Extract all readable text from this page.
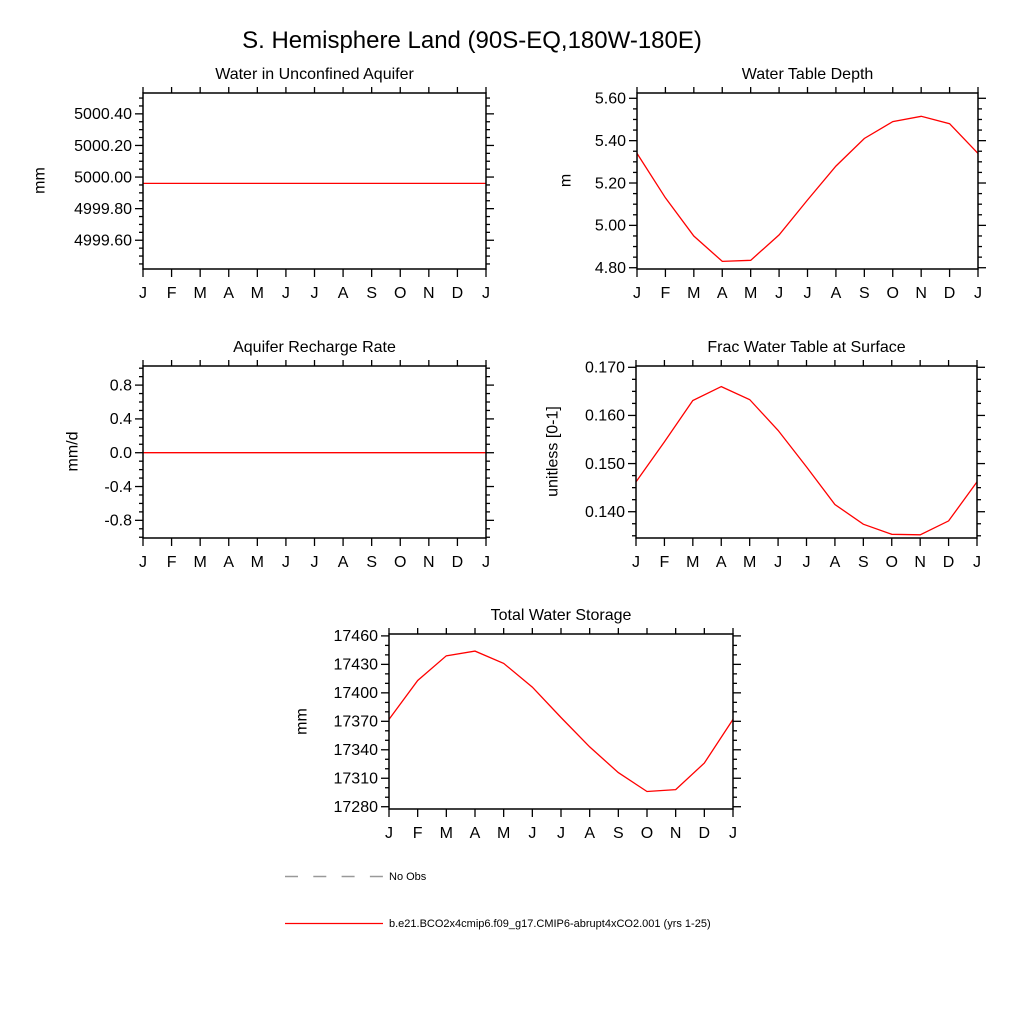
S. Hemisphere Land (90S-EQ,180W-180E)
5000.40
5000.20
5000.00
4999.80
4999.60
J F M A M J J A S O N D J
5.60
5.40
5.20
5.00
4.80
J F M A M J J A S O N D J
0.8
0.4
0.0
-0.4
-0.8
J F M A M J J A S O N D J
0.170
0.160
0.150
0.140
J F M A M J J A S O N D J
17460
17430
17400
17370
17340
17310
17280
J F M A M J J A S O N D J
Water in Unconfined Aquifer	Water Table Depth
Aquifer Recharge Rate	Frac Water Table at Surface
Total Water Storage
mm	m
mm/d	unitless [0-1]
mm
No Obs
b.e21.BCO2x4cmip6.f09_g17.CMIP6-abrupt4xCO2.001 (yrs 1-25)
